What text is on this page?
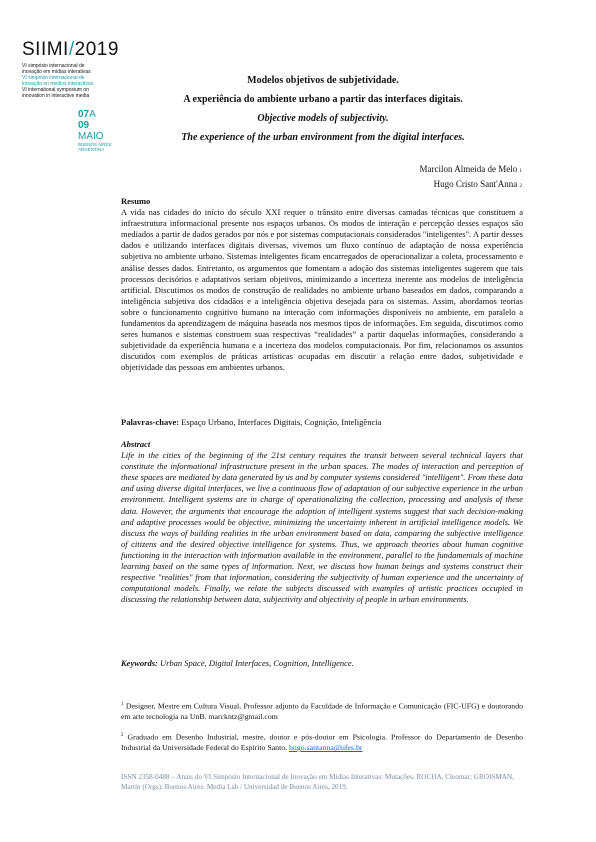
SIIMI/2019
VI simpósio internacional de
inovação em mídias interativas
VI simpósio internacional de
inovação en medios interactivos
VI international symposium on
innovation in interactive media
07A
09
MAIO
BUENOS AIRES
ARGENTINA
Modelos objetivos de subjetividade.
A experiência do ambiente urbano a partir das interfaces digitais.
Objective models of subjectivity.
The experience of the urban environment from the digital interfaces.
Marcilon Almeida de Melo 1
Hugo Cristo Sant'Anna 2
Resumo
A vida nas cidades do início do século XXI requer o trânsito entre diversas camadas técnicas que constituem a infraestrutura informacional presente nos espaços urbanos. Os modos de interação e percepção desses espaços são mediados a partir de dados gerados por nós e por sistemas computacionais considerados "inteligentes". A partir desses dados e utilizando interfaces digitais diversas, vivemos um fluxo contínuo de adaptação de nossa experiência subjetiva no ambiente urbano. Sistemas inteligentes ficam encarregados de operacionalizar a coleta, processamento e análise desses dados. Entretanto, os argumentos que fomentam a adoção dos sistemas inteligentes sugerem que tais processos decisórios e adaptativos seriam objetivos, minimizando a incerteza inerente aos modelos de inteligência artificial. Discutimos os modos de construção de realidades no ambiente urbano baseados em dados, comparando a inteligência subjetiva dos cidadãos e a inteligência objetiva desejada para os sistemas. Assim, abordamos teorias sobre o funcionamento cognitivo humano na interação com informações disponíveis no ambiente, em paralelo a fundamentos da aprendizagem de máquina baseada nos mesmos tipos de informações. Em seguida, discutimos como seres humanos e sistemas constroem suas respectivas “realidades” a partir daquelas informações, considerando a subjetividade da experiência humana e a incerteza dos modelos computacionais. Por fim, relacionamos os assuntos discutidos com exemplos de práticas artísticas ocupadas em discutir a relação entre dados, subjetividade e objetividade das pessoas em ambientes urbanos.
Palavras-chave: Espaço Urbano, Interfaces Digitais, Cognição, Inteligência
Abstract
Life in the cities of the beginning of the 21st century requires the transit between several technical layers that constitute the informational infrastructure present in the urban spaces. The modes of interaction and perception of these spaces are mediated by data generated by us and by computer systems considered "intelligent". From these data and using diverse digital interfaces, we live a continuous flow of adaptation of our subjective experience in the urban environment. Intelligent systems are in charge of operationalizing the collection, processing and analysis of these data. However, the arguments that encourage the adoption of intelligent systems suggest that such decision-making and adaptive processes would be objective, minimizing the uncertainty inherent in artificial intelligence models. We discuss the ways of building realities in the urban environment based on data, comparing the subjective intelligence of citizens and the desired objective intelligence for systems. Thus, we approach theories about human cognitive functioning in the interaction with information available in the environment, parallel to the fundamentals of machine learning based on the same types of information. Next, we discuss how human beings and systems construct their respective "realities" from that information, considering the subjectivity of human experience and the uncertainty of computational models. Finally, we relate the subjects discussed with examples of artistic practices occupied in discussing the relationship between data, subjectivity and objectivity of people in urban environments.
Keywords: Urban Space, Digital Interfaces, Cognition, Intelligence.
$^1$ Designer, Mestre em Cultura Visual, Professor adjunto da Faculdade de Informação e Comunicação (FIC-UFG) e doutorando em arte tecnologia na UnB. marckntz@gmail.com
$^2$ Graduado em Desenho Industrial, mestre, doutor e pós-doutor em Psicologia. Professor do Departamento de Desenho Industrial da Universidade Federal do Espírito Santo. hugo.santanna@ufes.br
ISSN 2358-0488 – Anais do VI Simpósio Internacional de Inovação em Mídias Interativas: Mutações. ROCHA, Cleomar; GROISMAN, Martín (Orgs). Buenos Aires: Media Lab / Universidad de Buenos Aires, 2019.
